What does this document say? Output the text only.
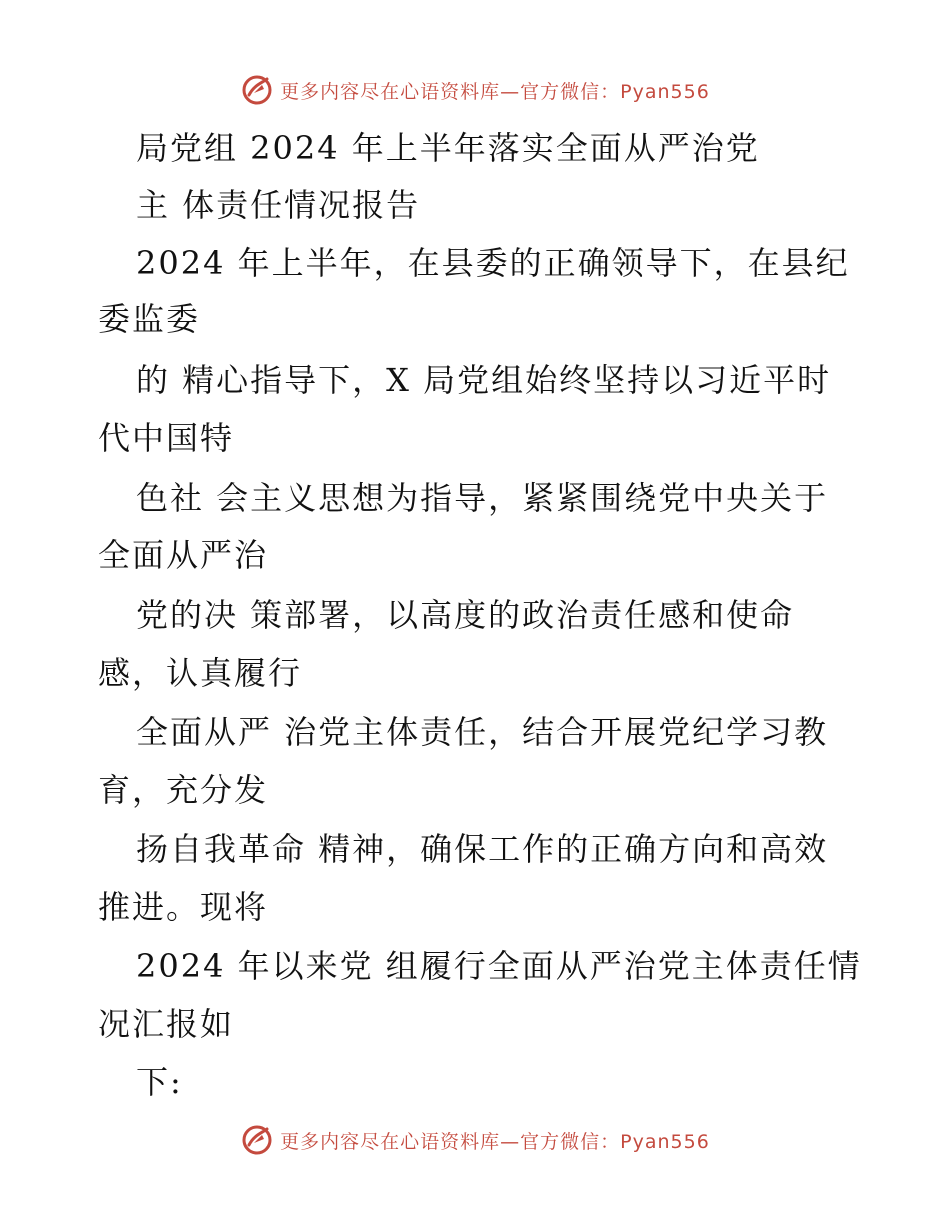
更多内容尽在心语资料库—官方微信：Pyan556
局党组 2024 年上半年落实全面从严治党
主 体责任情况报告
2024 年上半年，在县委的正确领导下，在县纪
委监委
的 精心指导下，X 局党组始终坚持以习近平时
代中国特
色社 会主义思想为指导，紧紧围绕党中央关于
全面从严治
党的决 策部署，以高度的政治责任感和使命
感，认真履行
全面从严 治党主体责任，结合开展党纪学习教
育，充分发
扬自我革命 精神，确保工作的正确方向和高效
推进。现将
2024 年以来党 组履行全面从严治党主体责任情
况汇报如
下:
更多内容尽在心语资料库—官方微信：Pyan556
